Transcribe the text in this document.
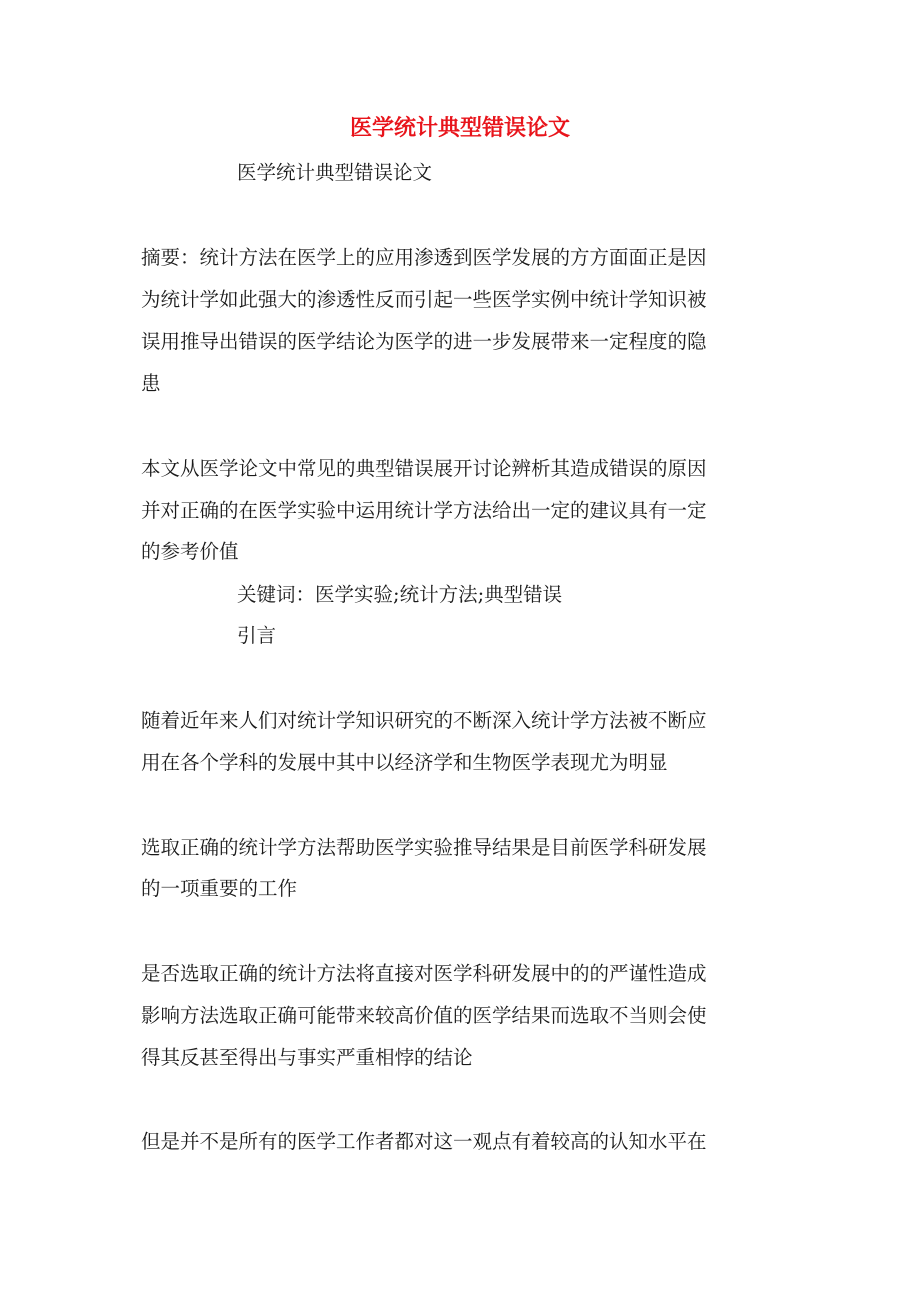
医学统计典型错误论文

医学统计典型错误论文

摘要：统计方法在医学上的应用渗透到医学发展的方方面面正是因

为统计学如此强大的渗透性反而引起一些医学实例中统计学知识被

误用推导出错误的医学结论为医学的进一步发展带来一定程度的隐

患

本文从医学论文中常见的典型错误展开讨论辨析其造成错误的原因

并对正确的在医学实验中运用统计学方法给出一定的建议具有一定

的参考价值

关键词：医学实验;统计方法;典型错误

引言

随着近年来人们对统计学知识研究的不断深入统计学方法被不断应

用在各个学科的发展中其中以经济学和生物医学表现尤为明显

选取正确的统计学方法帮助医学实验推导结果是目前医学科研发展

的一项重要的工作

是否选取正确的统计方法将直接对医学科研发展中的的严谨性造成

影响方法选取正确可能带来较高价值的医学结果而选取不当则会使

得其反甚至得出与事实严重相悖的结论

但是并不是所有的医学工作者都对这一观点有着较高的认知水平在
